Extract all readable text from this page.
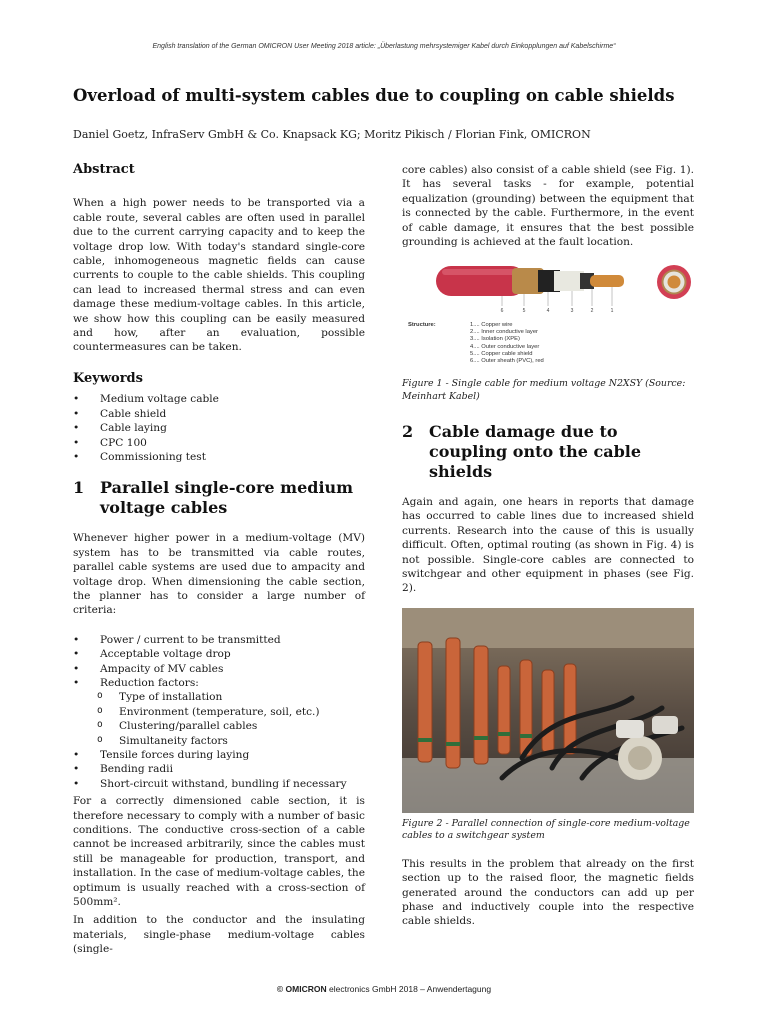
English translation of the German OMICRON User Meeting 2018 article: „Überlastung mehrsystemiger Kabel durch Einkopplungen auf Kabelschirme“
Overload of multi-system cables due to coupling on cable shields
Daniel Goetz, InfraServ GmbH & Co. Knapsack KG; Moritz Pikisch / Florian Fink, OMICRON
Abstract

When a high power needs to be transported via a cable route, several cables are often used in parallel due to the current carrying capacity and to keep the voltage drop low. With today's standard single-core cable, inhomogeneous magnetic fields can cause currents to couple to the cable shields. This coupling can lead to increased thermal stress and can even damage these medium-voltage cables. In this article, we show how this coupling can be easily measured and how, after an evaluation, possible countermeasures can be taken.

Keywords
• Medium voltage cable
• Cable shield
• Cable laying
• CPC 100
• Commissioning test
1 Parallel single-core medium voltage cables

Whenever higher power in a medium-voltage (MV) system has to be transmitted via cable routes, parallel cable systems are used due to ampacity and voltage drop. When dimensioning the cable section, the planner has to consider a large number of criteria:

• Power / current to be transmitted
• Acceptable voltage drop
• Ampacity of MV cables
• Reduction factors:
o Type of installation
o Environment (temperature, soil, etc.)
o Clustering/parallel cables
o Simultaneity factors
• Tensile forces during laying
• Bending radii
• Short-circuit withstand, bundling if necessary

For a correctly dimensioned cable section, it is therefore necessary to comply with a number of basic conditions. The conductive cross-section of a cable cannot be increased arbitrarily, since the cables must still be manageable for production, transport, and installation. In the case of medium-voltage cables, the optimum is usually reached with a cross-section of 500mm².

In addition to the conductor and the insulating materials, single-phase medium-voltage cables (single-

core cables) also consist of a cable shield (see Fig. 1). It has several tasks - for example, potential equalization (grounding) between the equipment that is connected by the cable. Furthermore, in the event of cable damage, it ensures that the best possible grounding is achieved at the fault location.

6	5	4	3	2	1
Structure:	1.... Copper wire
2.... Inner conductive layer
3.... Isolation (XPE)
4.... Outer conductive layer
5.... Copper cable shield
6.... Outer sheath (PVC), red

Figure 1 - Single cable for medium voltage N2XSY (Source: Meinhart Kabel)

2 Cable damage due to coupling onto the cable shields

Again and again, one hears in reports that damage has occurred to cable lines due to increased shield currents. Research into the cause of this is usually difficult. Often, optimal routing (as shown in Fig. 4) is not possible. Single-core cables are connected to switchgear and other equipment in phases (see Fig. 2).

Figure 2 - Parallel connection of single-core medium-voltage cables to a switchgear system

This results in the problem that already on the first section up to the raised floor, the magnetic fields generated around the conductors can add up per phase and inductively couple into the respective cable shields.

© OMICRON electronics GmbH 2018 – Anwendertagung
